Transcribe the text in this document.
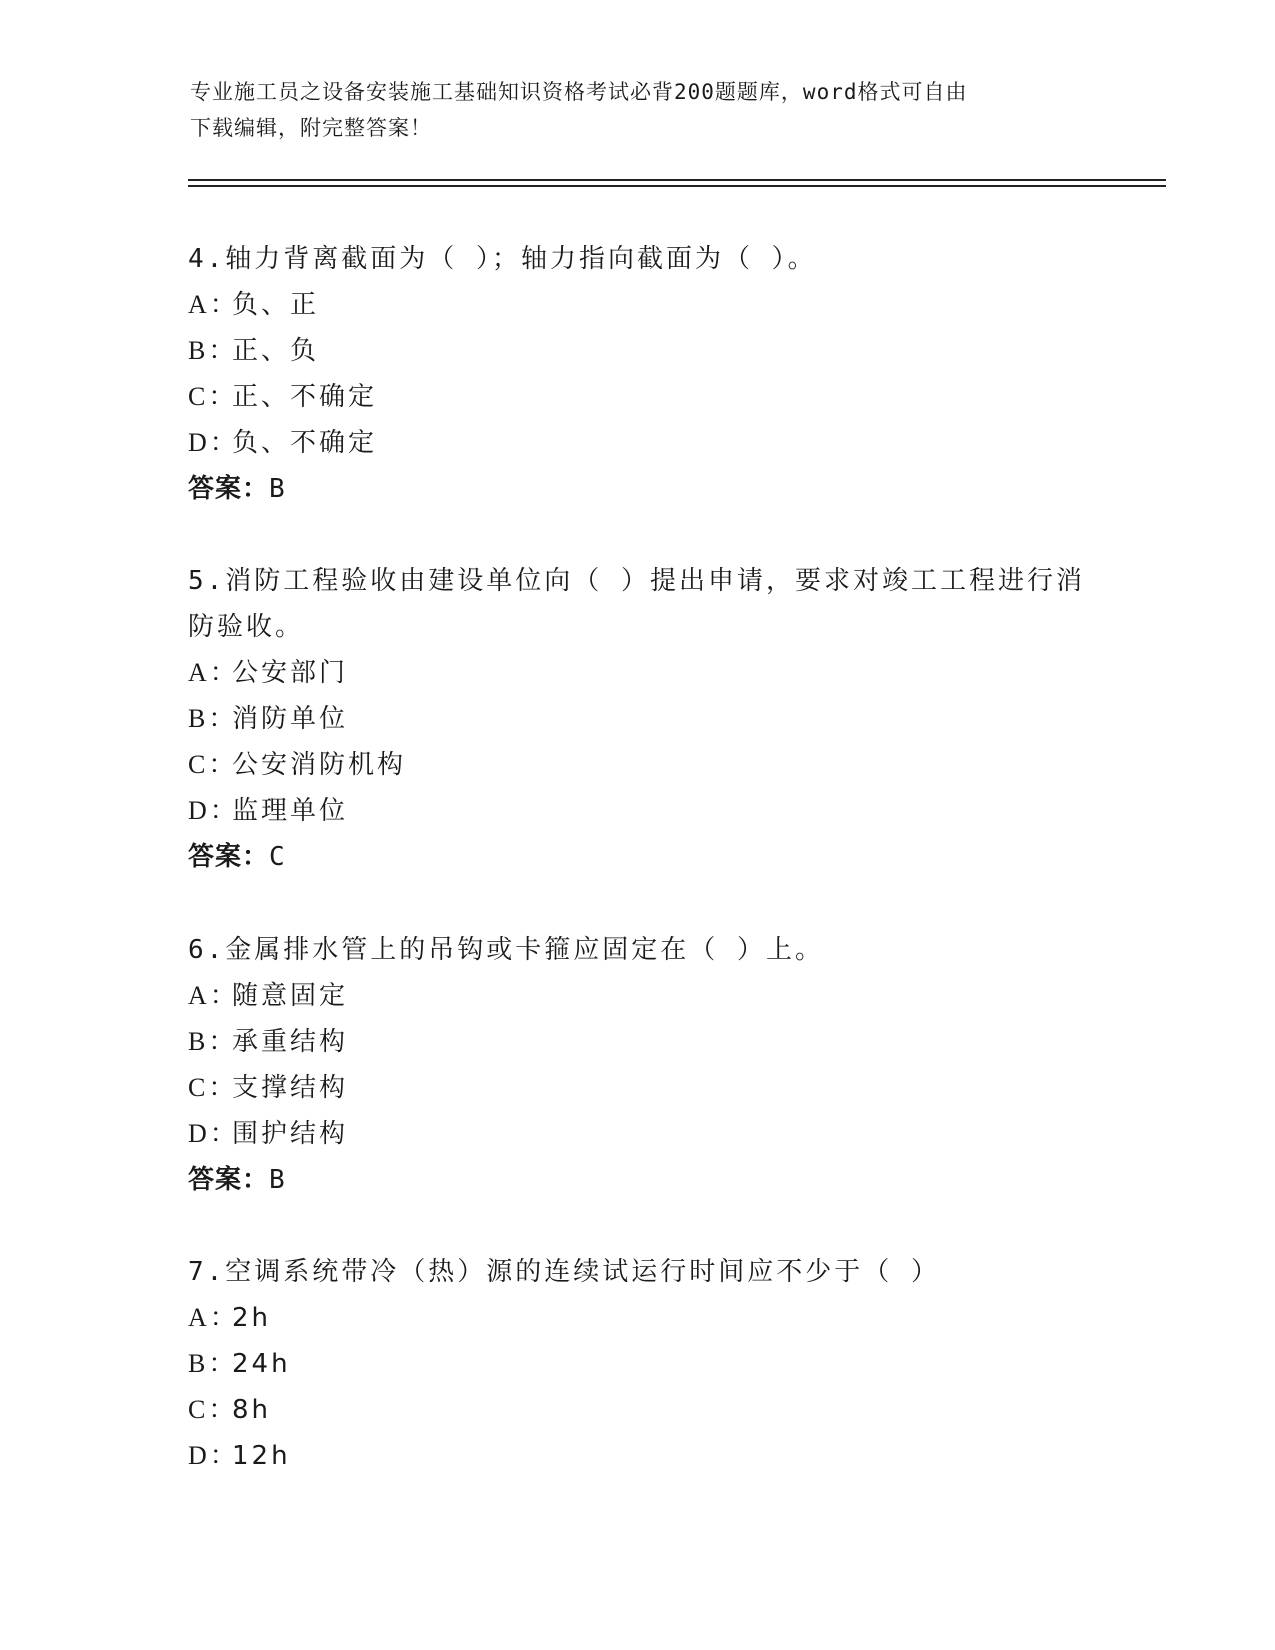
专业施工员之设备安装施工基础知识资格考试必背200题题库，word格式可自由
下载编辑，附完整答案！

4.轴力背离截面为（ ）；轴力指向截面为（ ）。

A：负、正

B：正、负

C：正、不确定

D：负、不确定

答案：B

5.消防工程验收由建设单位向（ ）提出申请，要求对竣工工程进行消防验收。

A：公安部门

B：消防单位

C：公安消防机构

D：监理单位

答案：C

6.金属排水管上的吊钩或卡箍应固定在（ ）上。

A：随意固定

B：承重结构

C：支撑结构

D：围护结构

答案：B

7.空调系统带冷（热）源的连续试运行时间应不少于（ ）

A：2h

B：24h

C：8h

D：12h
